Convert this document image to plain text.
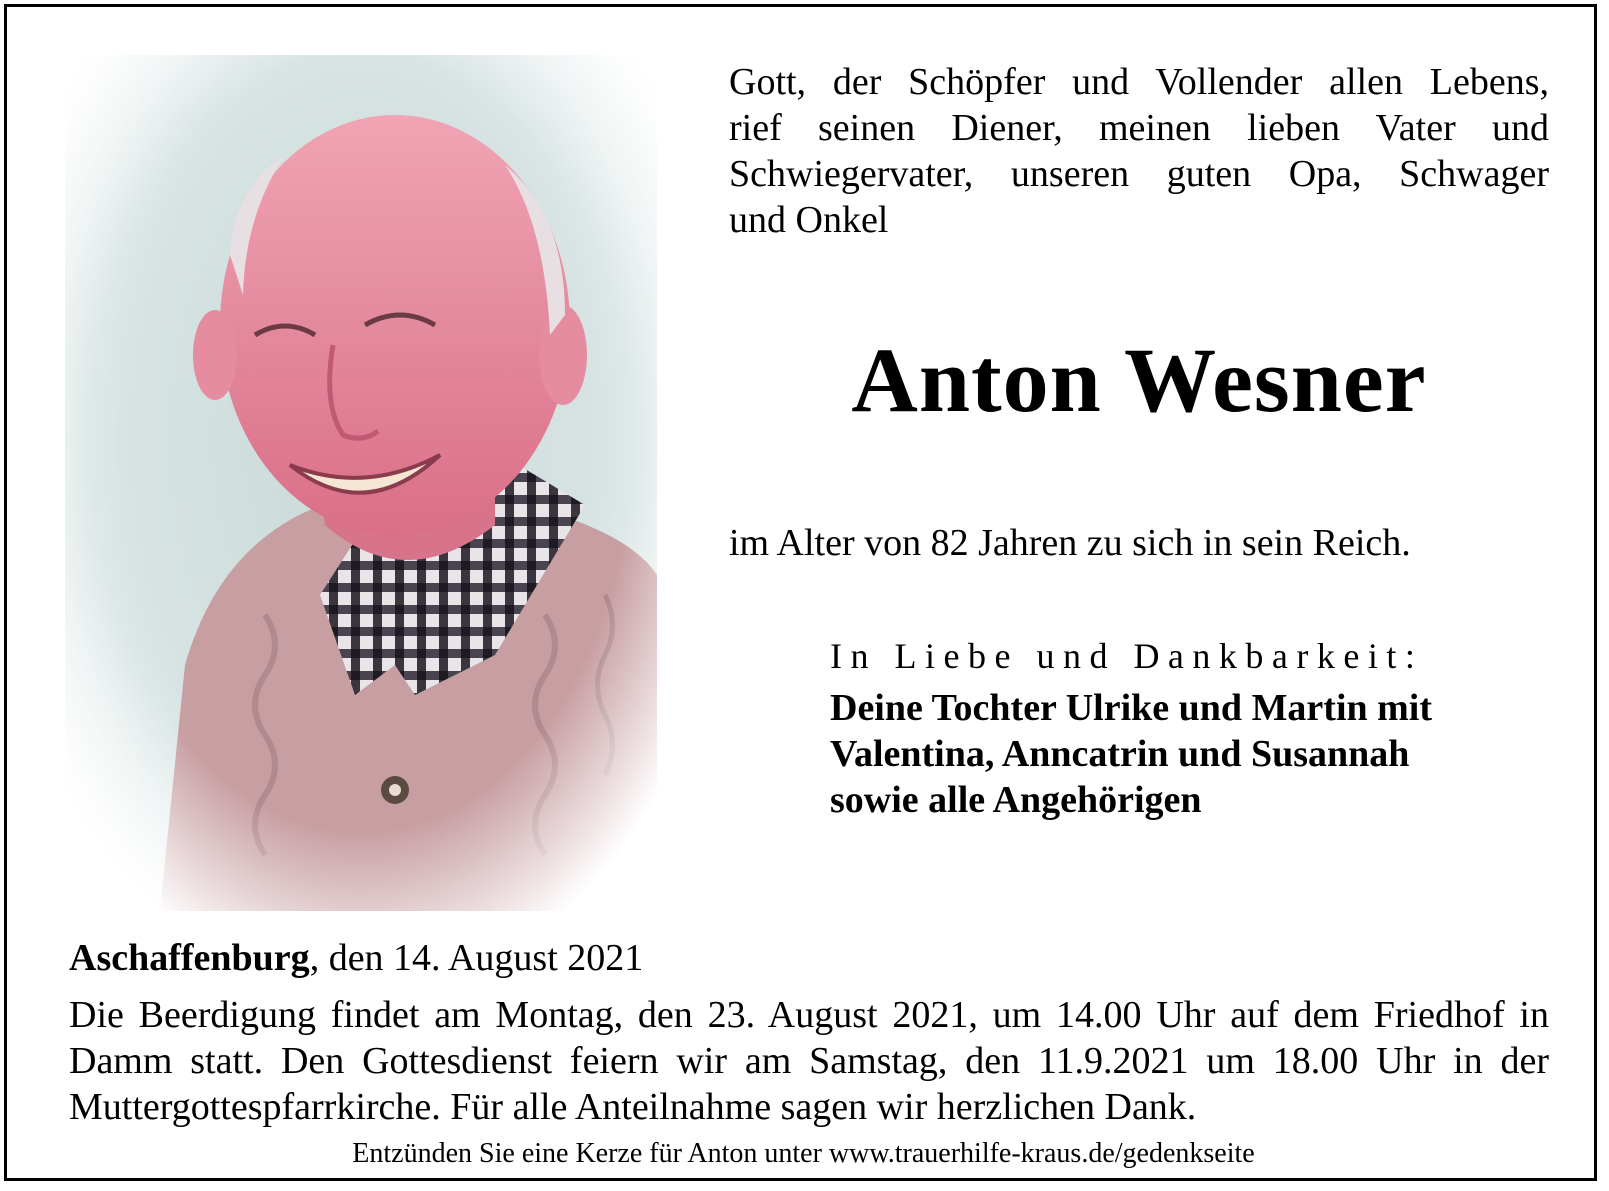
Gott, der Schöpfer und Vollender allen Lebens,
rief seinen Diener, meinen lieben Vater und
Schwiegervater, unseren guten Opa, Schwager
und Onkel
Anton Wesner
im Alter von 82 Jahren zu sich in sein Reich.
In Liebe und Dankbarkeit:
Deine Tochter Ulrike und Martin mit
Valentina, Anncatrin und Susannah
sowie alle Angehörigen
Aschaffenburg, den 14. August 2021
Die Beerdigung findet am Montag, den 23. August 2021, um 14.00 Uhr auf dem Friedhof in
Damm statt. Den Gottesdienst feiern wir am Samstag, den 11.9.2021 um 18.00 Uhr in der
Muttergottespfarrkirche. Für alle Anteilnahme sagen wir herzlichen Dank.
Entzünden Sie eine Kerze für Anton unter www.trauerhilfe-kraus.de/gedenkseite
